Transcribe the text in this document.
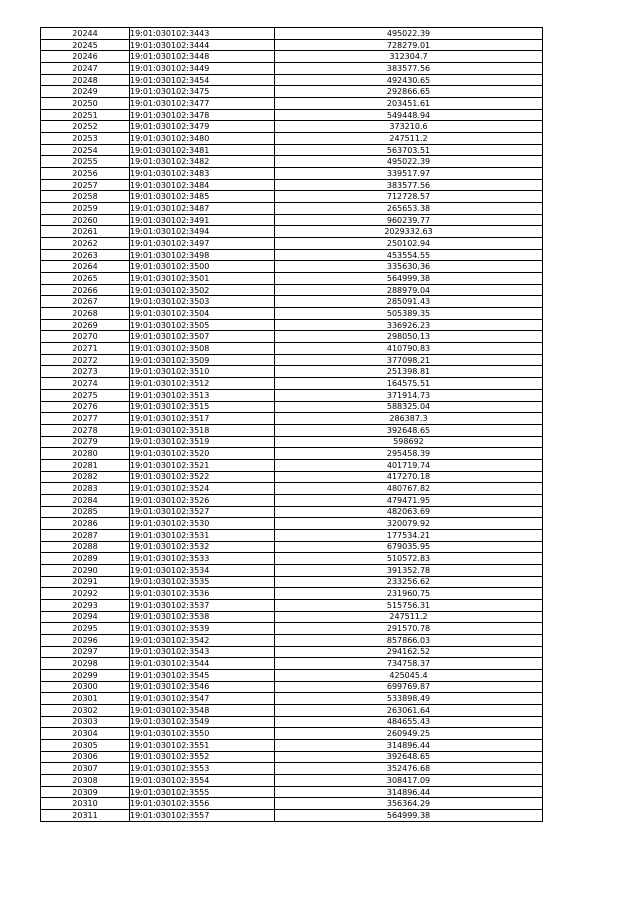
20244	19:01:030102:3443	495022.39
20245	19:01:030102:3444	728279.01
20246	19:01:030102:3448	312304.7
20247	19:01:030102:3449	383577.56
20248	19:01:030102:3454	492430.65
20249	19:01:030102:3475	292866.65
20250	19:01:030102:3477	203451.61
20251	19:01:030102:3478	549448.94
20252	19:01:030102:3479	373210.6
20253	19:01:030102:3480	247511.2
20254	19:01:030102:3481	563703.51
20255	19:01:030102:3482	495022.39
20256	19:01:030102:3483	339517.97
20257	19:01:030102:3484	383577.56
20258	19:01:030102:3485	712728.57
20259	19:01:030102:3487	265653.38
20260	19:01:030102:3491	960239.77
20261	19:01:030102:3494	2029332.63
20262	19:01:030102:3497	250102.94
20263	19:01:030102:3498	453554.55
20264	19:01:030102:3500	335630.36
20265	19:01:030102:3501	564999.38
20266	19:01:030102:3502	288979.04
20267	19:01:030102:3503	285091.43
20268	19:01:030102:3504	505389.35
20269	19:01:030102:3505	336926.23
20270	19:01:030102:3507	298050.13
20271	19:01:030102:3508	410790.83
20272	19:01:030102:3509	377098.21
20273	19:01:030102:3510	251398.81
20274	19:01:030102:3512	164575.51
20275	19:01:030102:3513	371914.73
20276	19:01:030102:3515	588325.04
20277	19:01:030102:3517	286387.3
20278	19:01:030102:3518	392648.65
20279	19:01:030102:3519	598692
20280	19:01:030102:3520	295458.39
20281	19:01:030102:3521	401719.74
20282	19:01:030102:3522	417270.18
20283	19:01:030102:3524	480767.82
20284	19:01:030102:3526	479471.95
20285	19:01:030102:3527	482063.69
20286	19:01:030102:3530	320079.92
20287	19:01:030102:3531	177534.21
20288	19:01:030102:3532	679035.95
20289	19:01:030102:3533	510572.83
20290	19:01:030102:3534	391352.78
20291	19:01:030102:3535	233256.62
20292	19:01:030102:3536	231960.75
20293	19:01:030102:3537	515756.31
20294	19:01:030102:3538	247511.2
20295	19:01:030102:3539	291570.78
20296	19:01:030102:3542	857866.03
20297	19:01:030102:3543	294162.52
20298	19:01:030102:3544	734758.37
20299	19:01:030102:3545	425045.4
20300	19:01:030102:3546	699769.87
20301	19:01:030102:3547	533898.49
20302	19:01:030102:3548	263061.64
20303	19:01:030102:3549	484655.43
20304	19:01:030102:3550	260949.25
20305	19:01:030102:3551	314896.44
20306	19:01:030102:3552	392648.65
20307	19:01:030102:3553	352476.68
20308	19:01:030102:3554	308417.09
20309	19:01:030102:3555	314896.44
20310	19:01:030102:3556	356364.29
20311	19:01:030102:3557	564999.38
